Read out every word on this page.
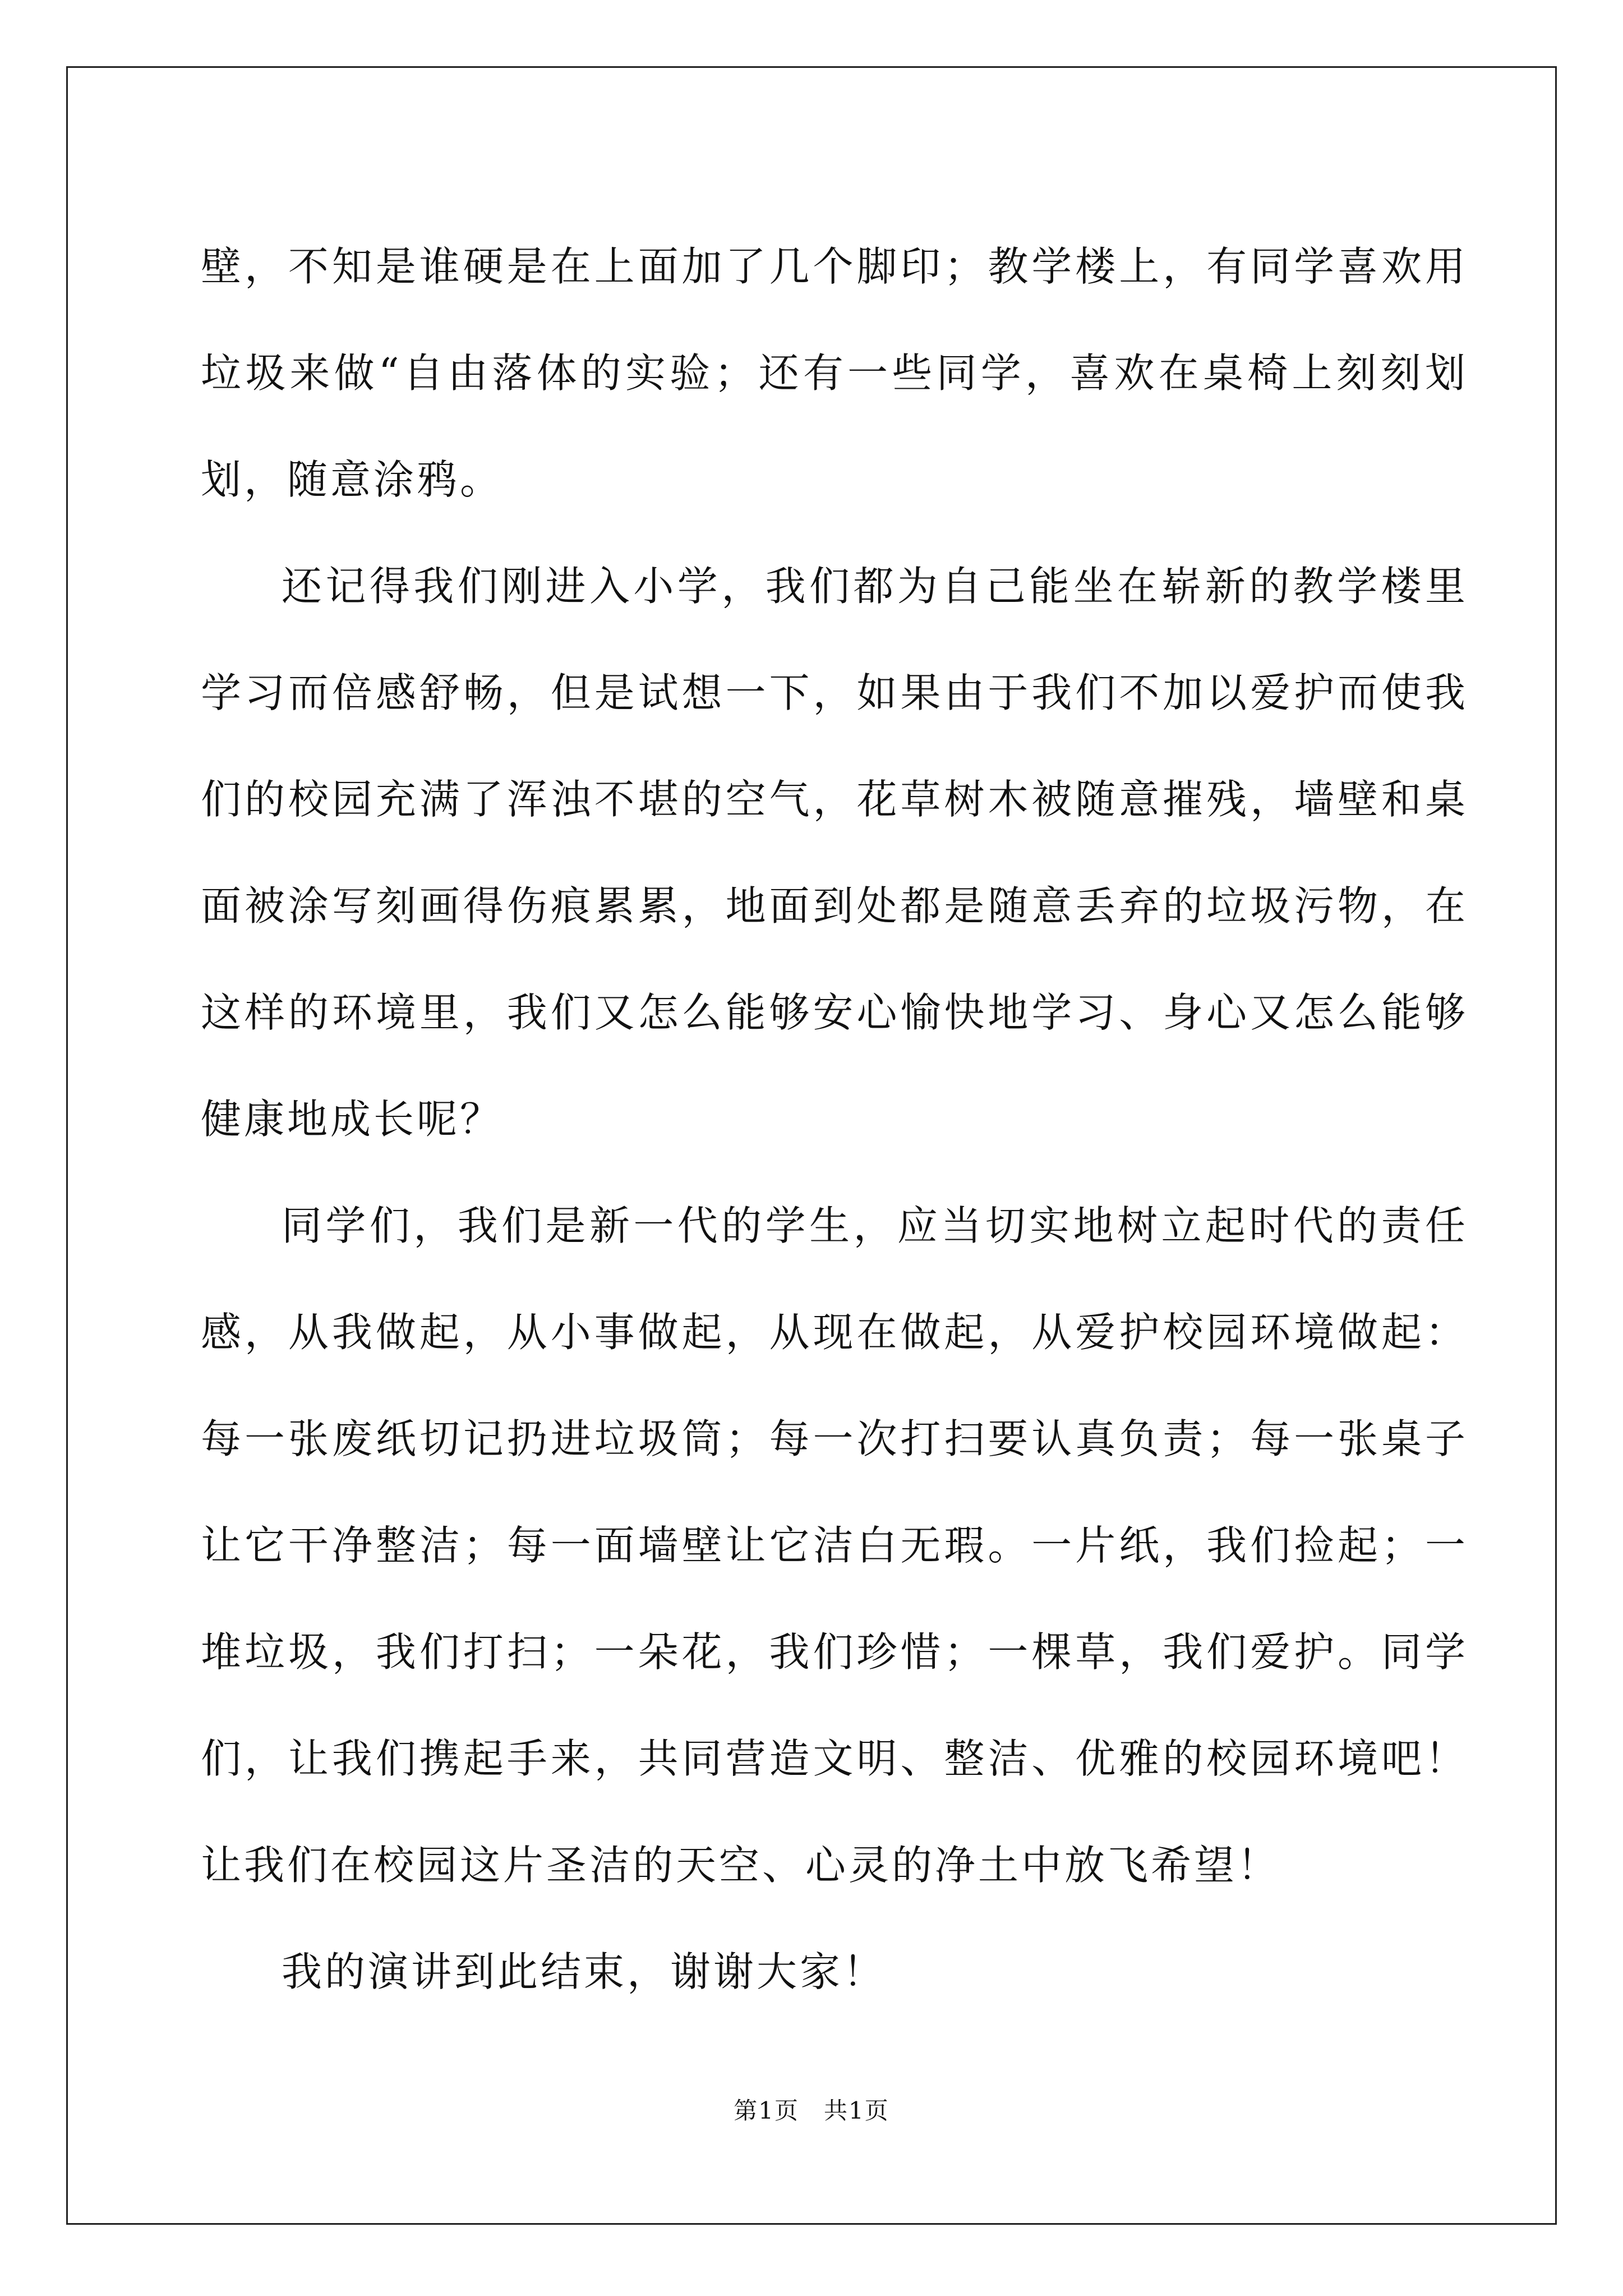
壁，不知是谁硬是在上面加了几个脚印；教学楼上，有同学喜欢用垃圾来做“自由落体的实验；还有一些同学，喜欢在桌椅上刻刻划划，随意涂鸦。

还记得我们刚进入小学，我们都为自己能坐在崭新的教学楼里学习而倍感舒畅，但是试想一下，如果由于我们不加以爱护而使我们的校园充满了浑浊不堪的空气，花草树木被随意摧残，墙壁和桌面被涂写刻画得伤痕累累，地面到处都是随意丢弃的垃圾污物，在这样的环境里，我们又怎么能够安心愉快地学习、身心又怎么能够健康地成长呢？

同学们，我们是新一代的学生，应当切实地树立起时代的责任感，从我做起，从小事做起，从现在做起，从爱护校园环境做起：每一张废纸切记扔进垃圾筒；每一次打扫要认真负责；每一张桌子让它干净整洁；每一面墙壁让它洁白无瑕。一片纸，我们捡起；一堆垃圾，我们打扫；一朵花，我们珍惜；一棵草，我们爱护。同学们，让我们携起手来，共同营造文明、整洁、优雅的校园环境吧！让我们在校园这片圣洁的天空、心灵的净土中放飞希望！

我的演讲到此结束，谢谢大家！

第1页 共1页
